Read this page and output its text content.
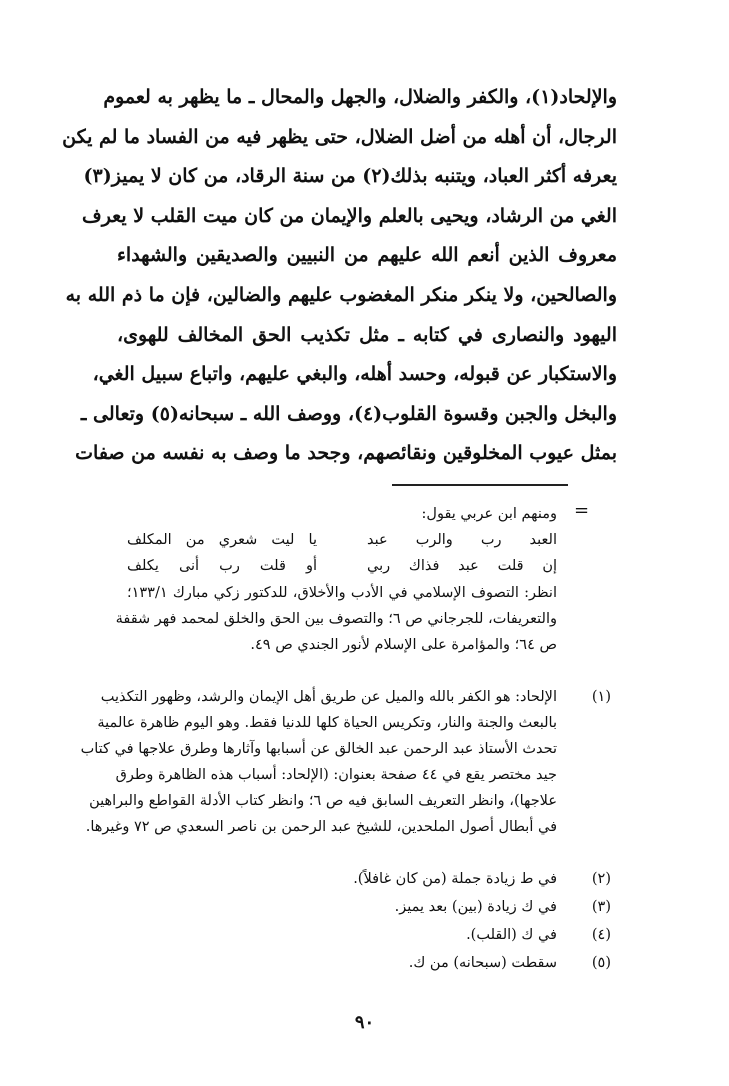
والإلحاد(١)، والكفر والضلال، والجهل والمحال ـ ما يظهر به لعموم
الرجال، أن أهله من أضل الضلال، حتى يظهر فيه من الفساد ما لم يكن
يعرفه أكثر العباد، ويتنبه بذلك(٢) من سنة الرقاد، من كان لا يميز(٣)
الغي من الرشاد، ويحيى بالعلم والإيمان من كان ميت القلب لا يعرف
معروف الذين أنعم الله عليهم من النبيين والصديقين والشهداء
والصالحين، ولا ينكر منكر المغضوب عليهم والضالين، فإن ما ذم الله به
اليهود والنصارى في كتابه ـ مثل تكذيب الحق المخالف للهوى،
والاستكبار عن قبوله، وحسد أهله، والبغي عليهم، واتباع سبيل الغي،
والبخل والجبن وقسوة القلوب(٤)، ووصف الله ـ سبحانه(٥) وتعالى ـ
بمثل عيوب المخلوقين ونقائصهم، وجحد ما وصف به نفسه من صفات
=
ومنهم ابن عربي يقول:
العبد رب والرب عبد
يا ليت شعري من المكلف
إن قلت عبد فذاك ربي
أو قلت رب أنى يكلف
انظر: التصوف الإسلامي في الأدب والأخلاق، للدكتور زكي مبارك ١٣٣/١؛
والتعريفات، للجرجاني ص ٦؛ والتصوف بين الحق والخلق لمحمد فهر شقفة
ص ٦٤؛ والمؤامرة على الإسلام لأنور الجندي ص ٤٩.
(١)
الإلحاد: هو الكفر بالله والميل عن طريق أهل الإيمان والرشد، وظهور التكذيب
بالبعث والجنة والنار، وتكريس الحياة كلها للدنيا فقط. وهو اليوم ظاهرة عالمية
تحدث الأستاذ عبد الرحمن عبد الخالق عن أسبابها وآثارها وطرق علاجها في كتاب
جيد مختصر يقع في ٤٤ صفحة بعنوان: (الإلحاد: أسباب هذه الظاهرة وطرق
علاجها)، وانظر التعريف السابق فيه ص ٦؛ وانظر كتاب الأدلة القواطع والبراهين
في أبطال أصول الملحدين، للشيخ عبد الرحمن بن ناصر السعدي ص ٧٢ وغيرها.
(٢)
في ط زيادة جملة (من كان غافلاً).
(٣)
في ك زيادة (بين) بعد يميز.
(٤)
في ك (القلب).
(٥)
سقطت (سبحانه) من ك.
٩٠
